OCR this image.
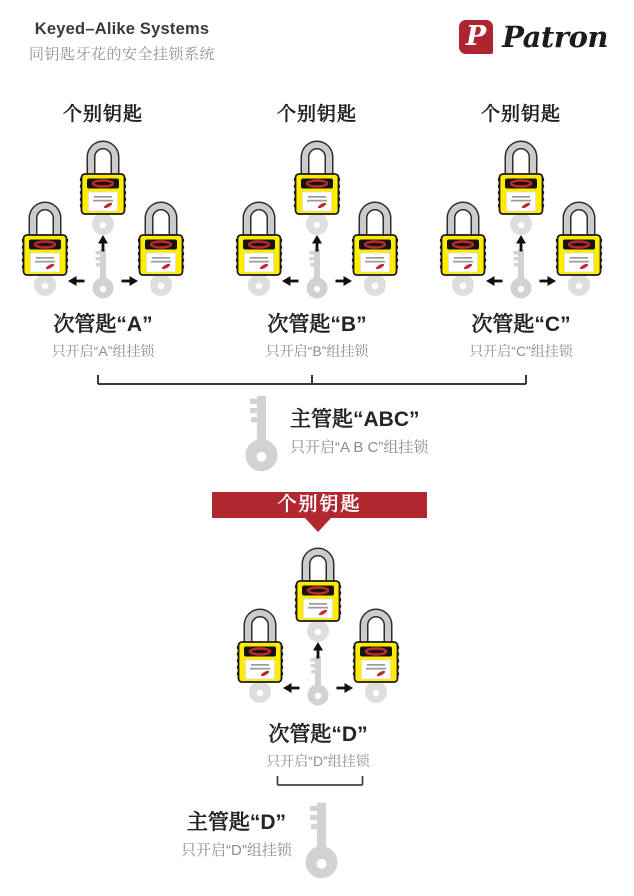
Keyed–Alike Systems
同钥匙牙花的安全挂锁系统
P Patron
个别钥匙
次管匙“A”
只开启“A”组挂锁
个别钥匙
次管匙“B”
只开启“B”组挂锁
个别钥匙
次管匙“C”
只开启“C”组挂锁
主管匙“ABC”
只开启“A B C”组挂锁
个别钥匙
次管匙“D”
只开启“D”组挂锁
主管匙“D”
只开启“D”组挂锁
